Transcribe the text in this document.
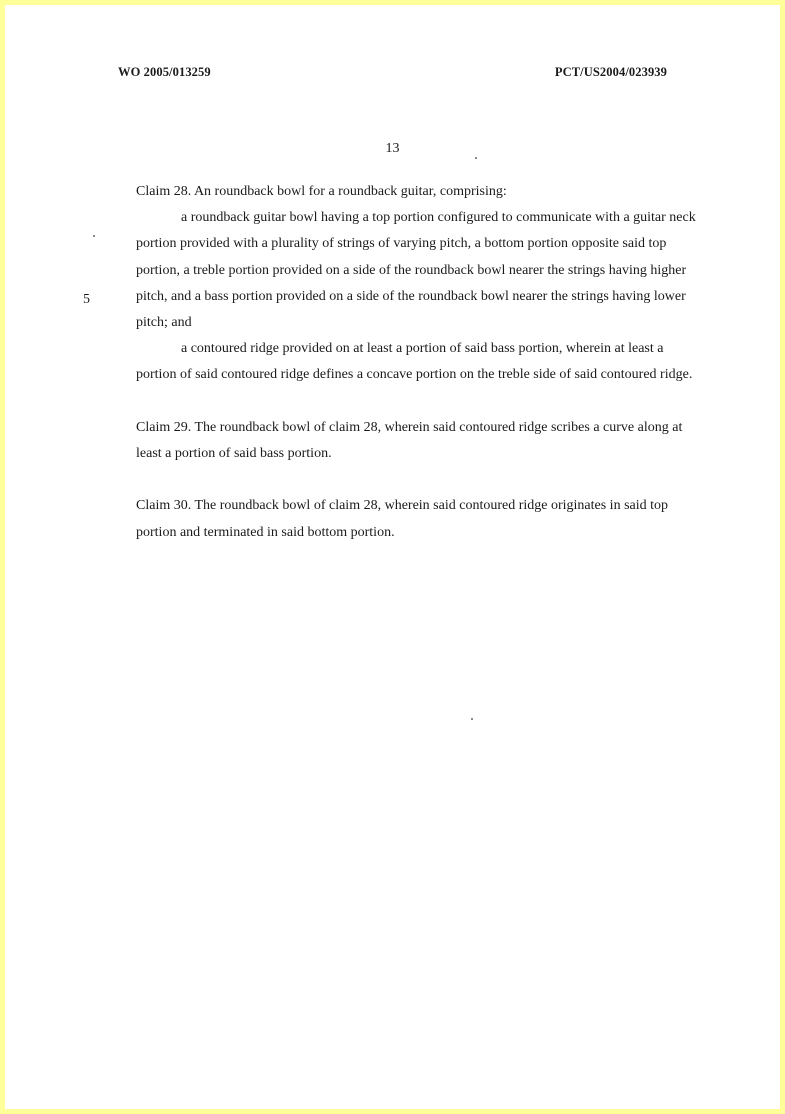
WO 2005/013259	PCT/US2004/023939
13
5

Claim 28. An roundback bowl for a roundback guitar, comprising:

a roundback guitar bowl having a top portion configured to communicate with a guitar neck portion provided with a plurality of strings of varying pitch, a bottom portion opposite said top portion, a treble portion provided on a side of the roundback bowl nearer the strings having higher pitch, and a bass portion provided on a side of the roundback bowl nearer the strings having lower pitch; and

a contoured ridge provided on at least a portion of said bass portion, wherein at least a portion of said contoured ridge defines a concave portion on the treble side of said contoured ridge.

Claim 29. The roundback bowl of claim 28, wherein said contoured ridge scribes a curve along at least a portion of said bass portion.

Claim 30. The roundback bowl of claim 28, wherein said contoured ridge originates in said top portion and terminated in said bottom portion.
